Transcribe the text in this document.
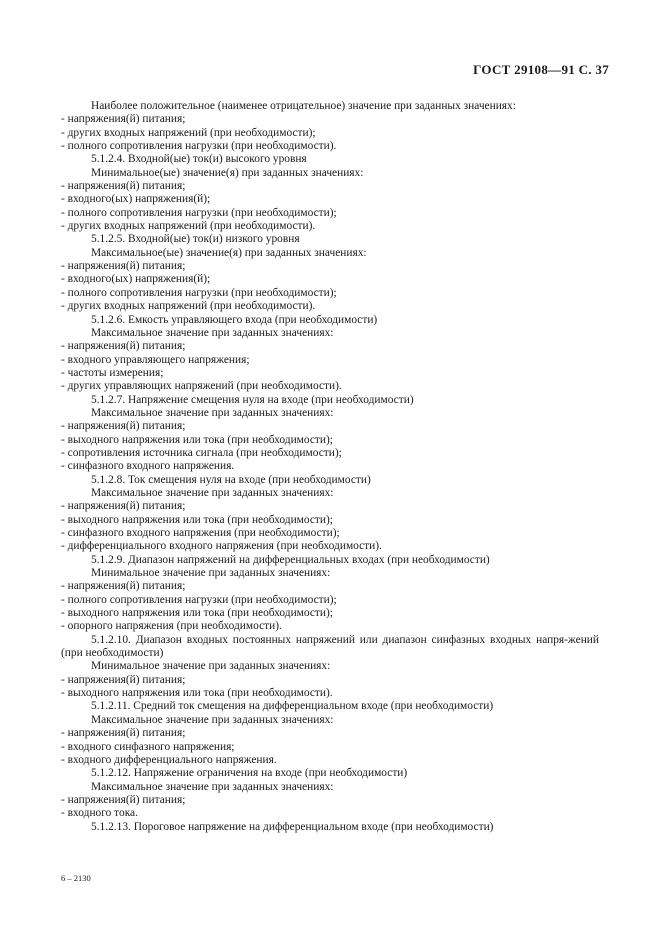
ГОСТ 29108—91 С. 37
Наиболее положительное (наименее отрицательное) значение при заданных значениях:
- напряжения(й) питания;
- других входных напряжений (при необходимости);
- полного сопротивления нагрузки (при необходимости).
5.1.2.4. Входной(ые) ток(и) высокого уровня
Минимальное(ые) значение(я) при заданных значениях:
- напряжения(й) питания;
- входного(ых) напряжения(й);
- полного сопротивления нагрузки (при необходимости);
- других входных напряжений (при необходимости).
5.1.2.5. Входной(ые) ток(и) низкого уровня
Максимальное(ые) значение(я) при заданных значениях:
- напряжения(й) питания;
- входного(ых) напряжения(й);
- полного сопротивления нагрузки (при необходимости);
- других входных напряжений (при необходимости).
5.1.2.6. Емкость управляющего входа (при необходимости)
Максимальное значение при заданных значениях:
- напряжения(й) питания;
- входного управляющего напряжения;
- частоты измерения;
- других управляющих напряжений (при необходимости).
5.1.2.7. Напряжение смещения нуля на входе (при необходимости)
Максимальное значение при заданных значениях:
- напряжения(й) питания;
- выходного напряжения или тока (при необходимости);
- сопротивления источника сигнала (при необходимости);
- синфазного входного напряжения.
5.1.2.8. Ток смещения нуля на входе (при необходимости)
Максимальное значение при заданных значениях:
- напряжения(й) питания;
- выходного напряжения или тока (при необходимости);
- синфазного входного напряжения (при необходимости);
- дифференциального входного напряжения (при необходимости).
5.1.2.9. Диапазон напряжений на дифференциальных входах (при необходимости)
Минимальное значение при заданных значениях:
- напряжения(й) питания;
- полного сопротивления нагрузки (при необходимости);
- выходного напряжения или тока (при необходимости);
- опорного напряжения (при необходимости).
5.1.2.10. Диапазон входных постоянных напряжений или диапазон синфазных входных напря-жений (при необходимости)
Минимальное значение при заданных значениях:
- напряжения(й) питания;
- выходного напряжения или тока (при необходимости).
5.1.2.11. Средний ток смещения на дифференциальном входе (при необходимости)
Максимальное значение при заданных значениях:
- напряжения(й) питания;
- входного синфазного напряжения;
- входного дифференциального напряжения.
5.1.2.12. Напряжение ограничения на входе (при необходимости)
Максимальное значение при заданных значениях:
- напряжения(й) питания;
- входного тока.
5.1.2.13. Пороговое напряжение на дифференциальном входе (при необходимости)
6 – 2130
